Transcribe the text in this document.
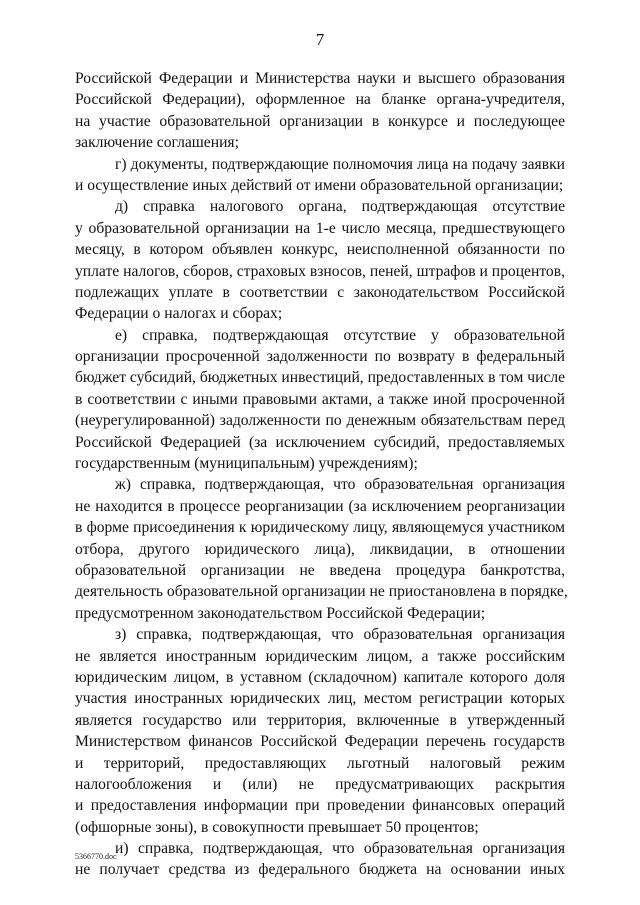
7
Российской Федерации и Министерства науки и высшего образования
Российской Федерации), оформленное на бланке органа-учредителя,
на участие образовательной организации в конкурсе и последующее
заключение соглашения;
г) документы, подтверждающие полномочия лица на подачу заявки
и осуществление иных действий от имени образовательной организации;
д) справка налогового органа, подтверждающая отсутствие
у образовательной организации на 1-е число месяца, предшествующего
месяцу, в котором объявлен конкурс, неисполненной обязанности по
уплате налогов, сборов, страховых взносов, пеней, штрафов и процентов,
подлежащих уплате в соответствии с законодательством Российской
Федерации о налогах и сборах;
е) справка, подтверждающая отсутствие у образовательной
организации просроченной задолженности по возврату в федеральный
бюджет субсидий, бюджетных инвестиций, предоставленных в том числе
в соответствии с иными правовыми актами, а также иной просроченной
(неурегулированной) задолженности по денежным обязательствам перед
Российской Федерацией (за исключением субсидий, предоставляемых
государственным (муниципальным) учреждениям);
ж) справка, подтверждающая, что образовательная организация
не находится в процессе реорганизации (за исключением реорганизации
в форме присоединения к юридическому лицу, являющемуся участником
отбора, другого юридического лица), ликвидации, в отношении
образовательной организации не введена процедура банкротства,
деятельность образовательной организации не приостановлена в порядке,
предусмотренном законодательством Российской Федерации;
з) справка, подтверждающая, что образовательная организация
не является иностранным юридическим лицом, а также российским
юридическим лицом, в уставном (складочном) капитале которого доля
участия иностранных юридических лиц, местом регистрации которых
является государство или территория, включенные в утвержденный
Министерством финансов Российской Федерации перечень государств
и территорий, предоставляющих льготный налоговый режим
налогообложения и (или) не предусматривающих раскрытия
и предоставления информации при проведении финансовых операций
(офшорные зоны), в совокупности превышает 50 процентов;
и) справка, подтверждающая, что образовательная организация
не получает средства из федерального бюджета на основании иных
5366770.doc
